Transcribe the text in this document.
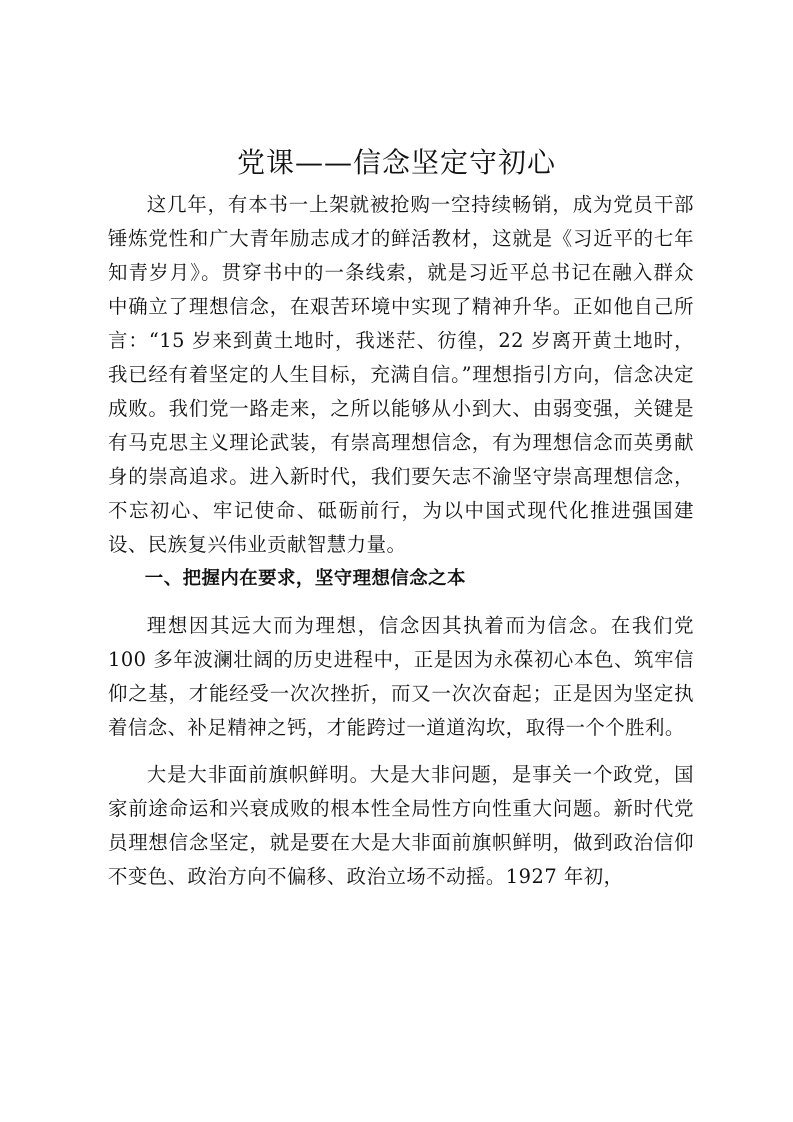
党课——信念坚定守初心

这几年，有本书一上架就被抢购一空持续畅销，成为党员干部锤炼党性和广大青年励志成才的鲜活教材，这就是《习近平的七年知青岁月》。贯穿书中的一条线索，就是习近平总书记在融入群众中确立了理想信念，在艰苦环境中实现了精神升华。正如他自己所言：“15 岁来到黄土地时，我迷茫、彷徨，22 岁离开黄土地时，我已经有着坚定的人生目标，充满自信。”理想指引方向，信念决定成败。我们党一路走来，之所以能够从小到大、由弱变强，关键是有马克思主义理论武装，有崇高理想信念，有为理想信念而英勇献身的崇高追求。进入新时代，我们要矢志不渝坚守崇高理想信念，不忘初心、牢记使命、砥砺前行，为以中国式现代化推进强国建设、民族复兴伟业贡献智慧力量。

一、把握内在要求，坚守理想信念之本

理想因其远大而为理想，信念因其执着而为信念。在我们党 100 多年波澜壮阔的历史进程中，正是因为永葆初心本色、筑牢信仰之基，才能经受一次次挫折，而又一次次奋起；正是因为坚定执着信念、补足精神之钙，才能跨过一道道沟坎，取得一个个胜利。

大是大非面前旗帜鲜明。大是大非问题，是事关一个政党，国家前途命运和兴衰成败的根本性全局性方向性重大问题。新时代党员理想信念坚定，就是要在大是大非面前旗帜鲜明，做到政治信仰不变色、政治方向不偏移、政治立场不动摇。1927 年初，
